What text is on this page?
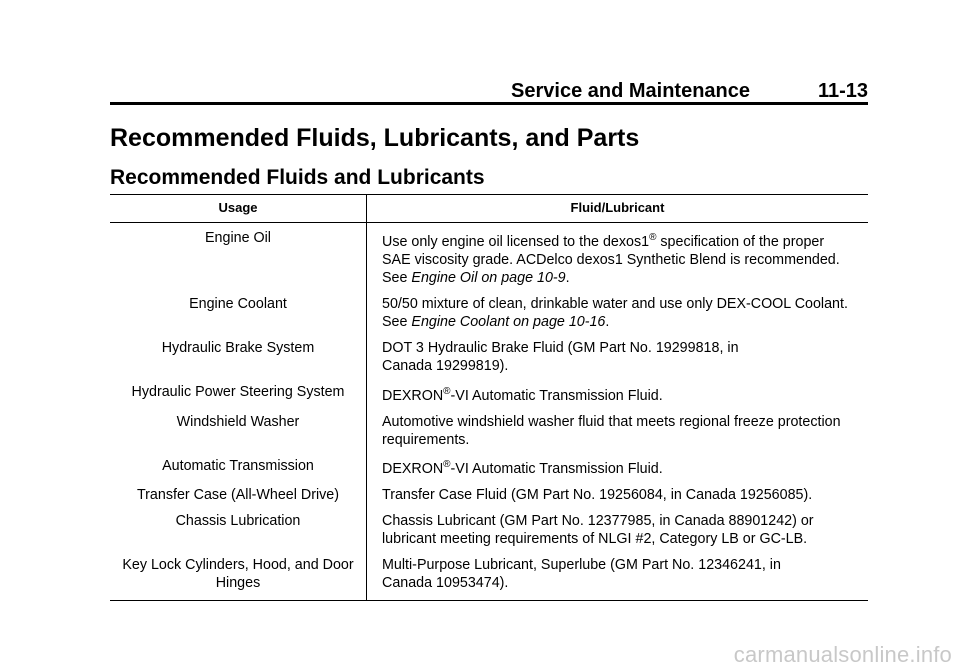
Service and Maintenance	11-13
Recommended Fluids, Lubricants, and Parts
Recommended Fluids and Lubricants
Usage	Fluid/Lubricant
Engine Oil	Use only engine oil licensed to the dexos1® specification of the proper
SAE viscosity grade. ACDelco dexos1 Synthetic Blend is recommended.
See Engine Oil on page 10-9.

Engine Coolant	50/50 mixture of clean, drinkable water and use only DEX-COOL Coolant.
See Engine Coolant on page 10-16.

Hydraulic Brake System	DOT 3 Hydraulic Brake Fluid (GM Part No. 19299818, in
Canada 19299819).
Hydraulic Power Steering System	DEXRON®-VI Automatic Transmission Fluid.
Windshield Washer	Automotive windshield washer fluid that meets regional freeze protection
requirements.
Automatic Transmission	DEXRON®-VI Automatic Transmission Fluid.
Transfer Case (All-Wheel Drive)	Transfer Case Fluid (GM Part No. 19256084, in Canada 19256085).
Chassis Lubrication	Chassis Lubricant (GM Part No. 12377985, in Canada 88901242) or
lubricant meeting requirements of NLGI #2, Category LB or GC-LB.
Key Lock Cylinders, Hood, and Door
Hinges	Multi-Purpose Lubricant, Superlube (GM Part No. 12346241, in
Canada 10953474).
carmanualsonline.info
